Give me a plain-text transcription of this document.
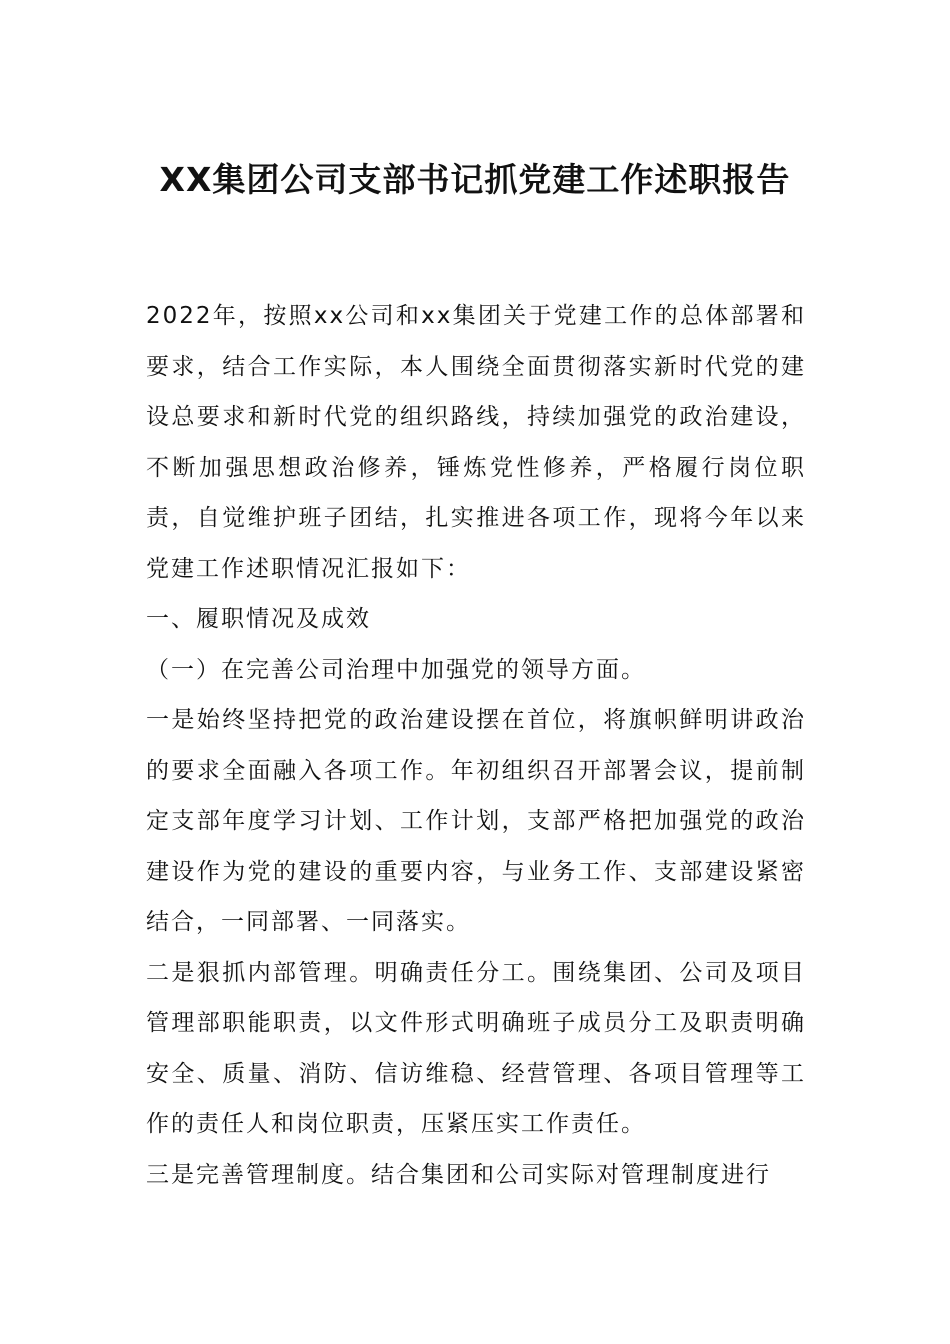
XX集团公司支部书记抓党建工作述职报告

2022年，按照xx公司和xx集团关于党建工作的总体部署和要求，结合工作实际，本人围绕全面贯彻落实新时代党的建设总要求和新时代党的组织路线，持续加强党的政治建设，不断加强思想政治修养，锤炼党性修养，严格履行岗位职责，自觉维护班子团结，扎实推进各项工作，现将今年以来党建工作述职情况汇报如下：

一、履职情况及成效

（一）在完善公司治理中加强党的领导方面。

一是始终坚持把党的政治建设摆在首位，将旗帜鲜明讲政治的要求全面融入各项工作。年初组织召开部署会议，提前制定支部年度学习计划、工作计划，支部严格把加强党的政治建设作为党的建设的重要内容，与业务工作、支部建设紧密结合，一同部署、一同落实。

二是狠抓内部管理。明确责任分工。围绕集团、公司及项目管理部职能职责，以文件形式明确班子成员分工及职责明确安全、质量、消防、信访维稳、经营管理、各项目管理等工作的责任人和岗位职责，压紧压实工作责任。

三是完善管理制度。结合集团和公司实际对管理制度进行
